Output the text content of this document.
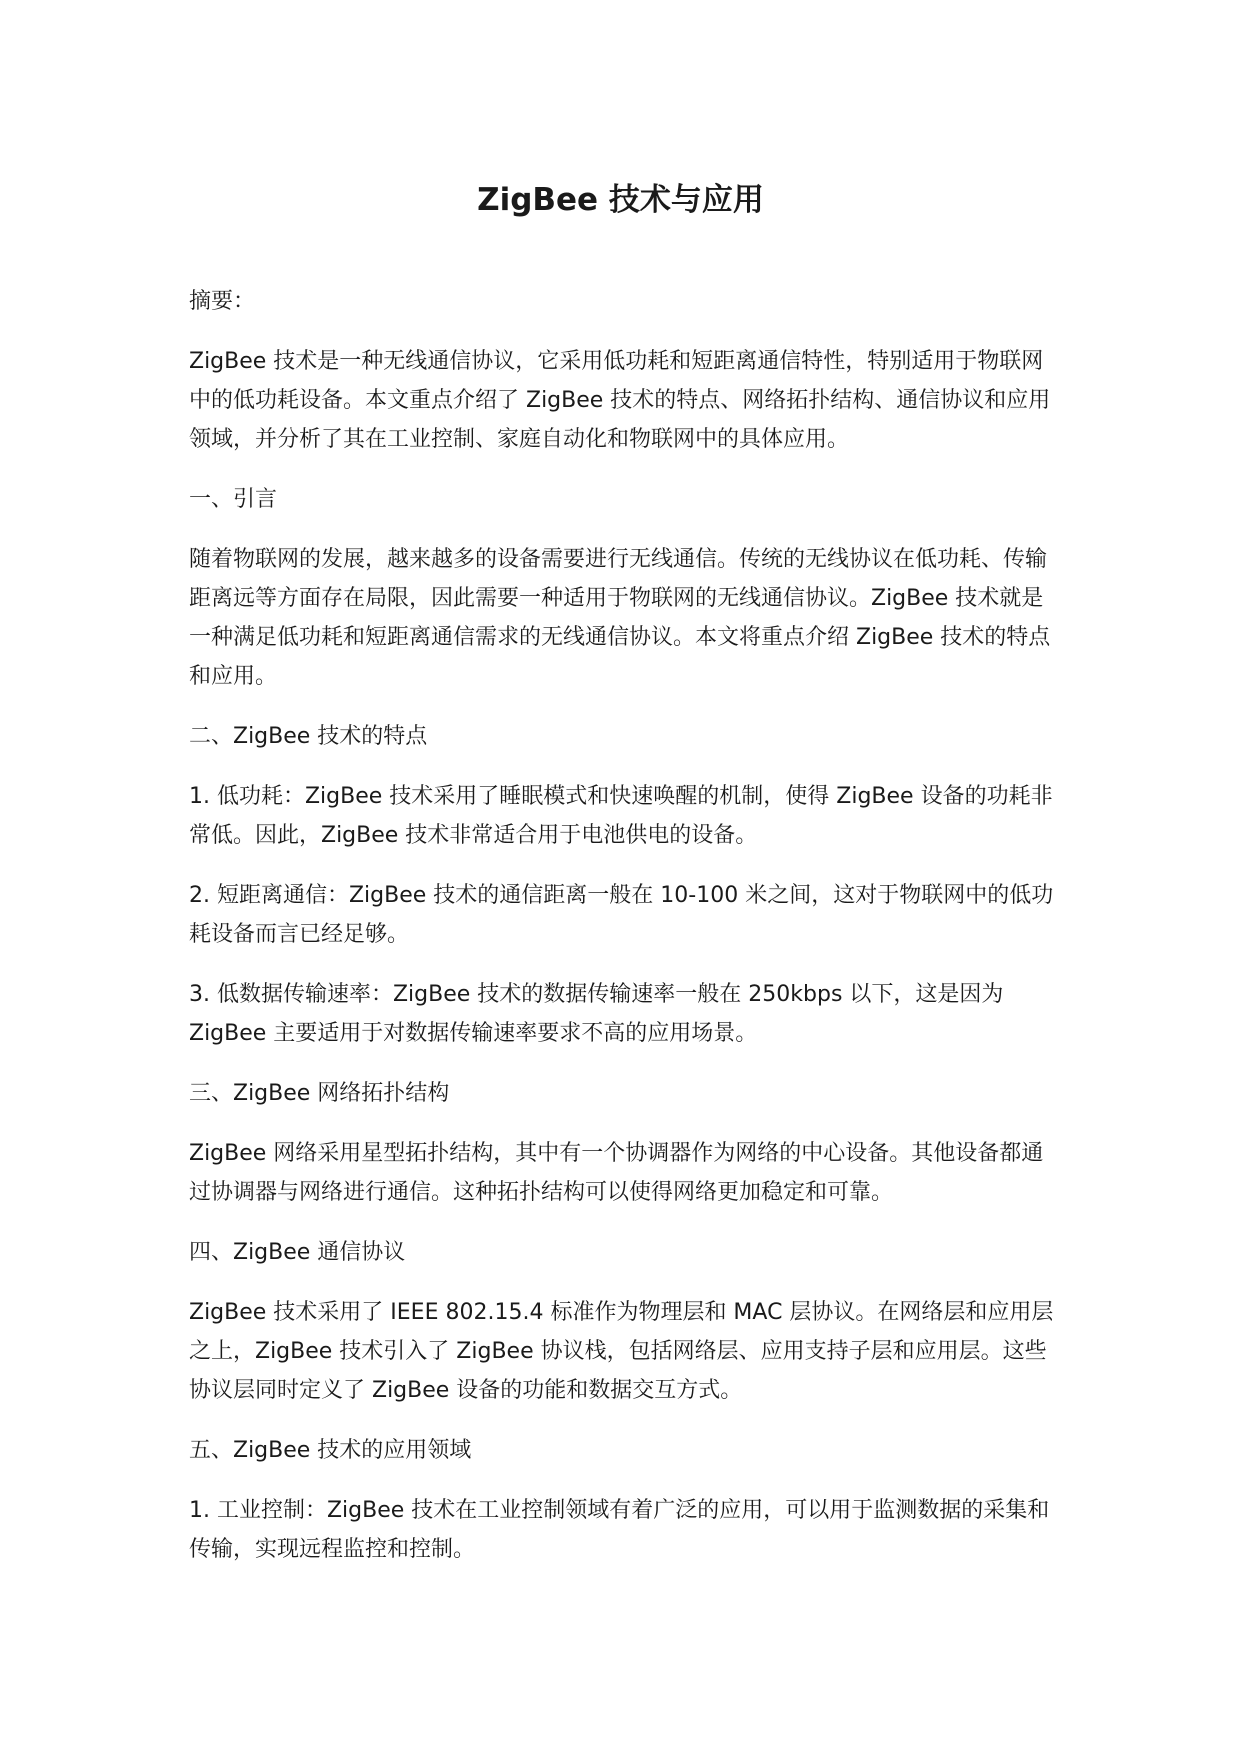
ZigBee 技术与应用

摘要：

ZigBee 技术是一种无线通信协议，它采用低功耗和短距离通信特性，特别适用于物联网中的低功耗设备。本文重点介绍了 ZigBee 技术的特点、网络拓扑结构、通信协议和应用领域，并分析了其在工业控制、家庭自动化和物联网中的具体应用。

一、引言

随着物联网的发展，越来越多的设备需要进行无线通信。传统的无线协议在低功耗、传输距离远等方面存在局限，因此需要一种适用于物联网的无线通信协议。ZigBee 技术就是一种满足低功耗和短距离通信需求的无线通信协议。本文将重点介绍 ZigBee 技术的特点和应用。

二、ZigBee 技术的特点

1. 低功耗：ZigBee 技术采用了睡眠模式和快速唤醒的机制，使得 ZigBee 设备的功耗非常低。因此，ZigBee 技术非常适合用于电池供电的设备。

2. 短距离通信：ZigBee 技术的通信距离一般在 10-100 米之间，这对于物联网中的低功耗设备而言已经足够。

3. 低数据传输速率：ZigBee 技术的数据传输速率一般在 250kbps 以下，这是因为 ZigBee 主要适用于对数据传输速率要求不高的应用场景。

三、ZigBee 网络拓扑结构

ZigBee 网络采用星型拓扑结构，其中有一个协调器作为网络的中心设备。其他设备都通过协调器与网络进行通信。这种拓扑结构可以使得网络更加稳定和可靠。

四、ZigBee 通信协议

ZigBee 技术采用了 IEEE 802.15.4 标准作为物理层和 MAC 层协议。在网络层和应用层之上，ZigBee 技术引入了 ZigBee 协议栈，包括网络层、应用支持子层和应用层。这些协议层同时定义了 ZigBee 设备的功能和数据交互方式。

五、ZigBee 技术的应用领域

1. 工业控制：ZigBee 技术在工业控制领域有着广泛的应用，可以用于监测数据的采集和传输，实现远程监控和控制。
